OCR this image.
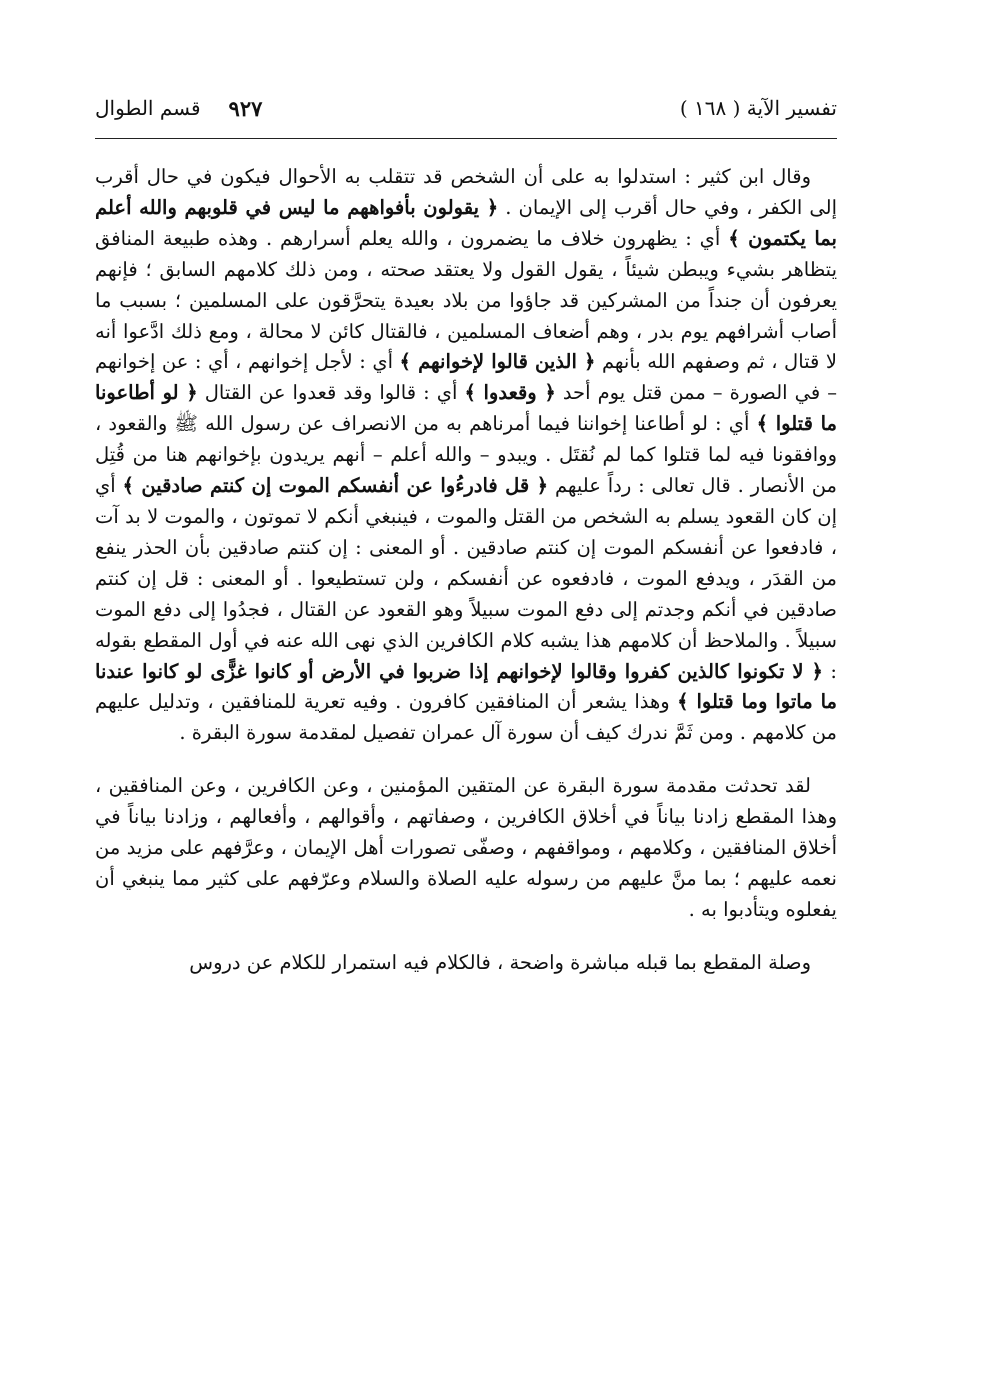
تفسير الآية ( ١٦٨ )
٩٢٧
قسم الطوال

وقال ابن كثير : استدلوا به على أن الشخص قد تتقلب به الأحوال فيكون في حال أقرب إلى الكفر ، وفي حال أقرب إلى الإيمان . ﴿ يقولون بأفواههم ما ليس في قلوبهم والله أعلم بما يكتمون ﴾ أي : يظهرون خلاف ما يضمرون ، والله يعلم أسرارهم . وهذه طبيعة المنافق يتظاهر بشيء ويبطن شيئاً ، يقول القول ولا يعتقد صحته ، ومن ذلك كلامهم السابق ؛ فإنهم يعرفون أن جنداً من المشركين قد جاؤوا من بلاد بعيدة يتحرَّقون على المسلمين ؛ بسبب ما أصاب أشرافهم يوم بدر ، وهم أضعاف المسلمين ، فالقتال كائن لا محالة ، ومع ذلك ادَّعوا أنه لا قتال ، ثم وصفهم الله بأنهم ﴿ الذين قالوا لإخوانهم ﴾ أي : لأجل إخوانهم ، أي : عن إخوانهم – في الصورة – ممن قتل يوم أحد ﴿ وقعدوا ﴾ أي : قالوا وقد قعدوا عن القتال ﴿ لو أطاعونا ما قتلوا ﴾ أي : لو أطاعنا إخواننا فيما أمرناهم به من الانصراف عن رسول الله ﷺ والقعود ، ووافقونا فيه لما قتلوا كما لم نُقتَل . ويبدو – والله أعلم – أنهم يريدون بإخوانهم هنا من قُتِل من الأنصار . قال تعالى : رداً عليهم ﴿ قل فادرءُوا عن أنفسكم الموت إن كنتم صادقين ﴾ أي إن كان القعود يسلم به الشخص من القتل والموت ، فينبغي أنكم لا تموتون ، والموت لا بد آت ، فادفعوا عن أنفسكم الموت إن كنتم صادقين . أو المعنى : إن كنتم صادقين بأن الحذر ينفع من القدَر ، ويدفع الموت ، فادفعوه عن أنفسكم ، ولن تستطيعوا . أو المعنى : قل إن كنتم صادقين في أنكم وجدتم إلى دفع الموت سبيلاً وهو القعود عن القتال ، فجدُوا إلى دفع الموت سبيلاً . والملاحظ أن كلامهم هذا يشبه كلام الكافرين الذي نهى الله عنه في أول المقطع بقوله : ﴿ لا تكونوا كالذين كفروا وقالوا لإخوانهم إذا ضربوا في الأرض أو كانوا غزًّى لو كانوا عندنا ما ماتوا وما قتلوا ﴾ وهذا يشعر أن المنافقين كافرون . وفيه تعرية للمنافقين ، وتدليل عليهم من كلامهم . ومن ثَمَّ ندرك كيف أن سورة آل عمران تفصيل لمقدمة سورة البقرة .

لقد تحدثت مقدمة سورة البقرة عن المتقين المؤمنين ، وعن الكافرين ، وعن المنافقين ، وهذا المقطع زادنا بياناً في أخلاق الكافرين ، وصفاتهم ، وأقوالهم ، وأفعالهم ، وزادنا بياناً في أخلاق المنافقين ، وكلامهم ، ومواقفهم ، وصفّى تصورات أهل الإيمان ، وعرَّفهم على مزيد من نعمه عليهم ؛ بما منَّ عليهم من رسوله عليه الصلاة والسلام وعرّفهم على كثير مما ينبغي أن يفعلوه ويتأدبوا به .

وصلة المقطع بما قبله مباشرة واضحة ، فالكلام فيه استمرار للكلام عن دروس
